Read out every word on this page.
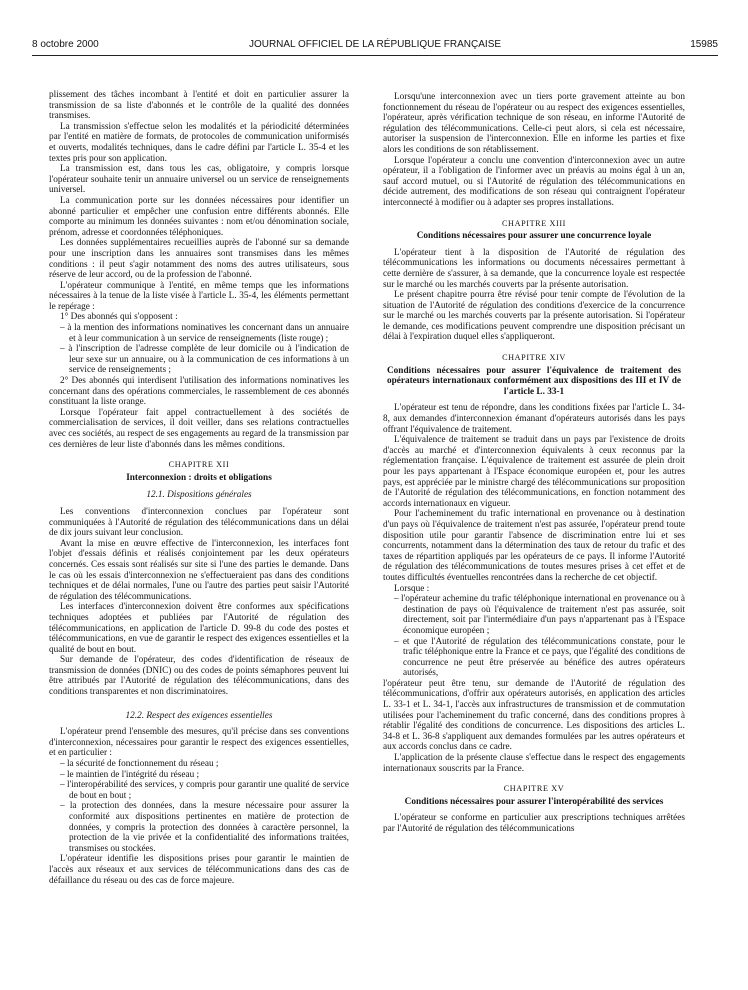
8 octobre 2000	JOURNAL OFFICIEL DE LA RÉPUBLIQUE FRANÇAISE	15985

plissement des tâches incombant à l'entité et doit en particulier assurer la transmission de sa liste d'abonnés et le contrôle de la qualité des données transmises.

La transmission s'effectue selon les modalités et la périodicité déterminées par l'entité en matière de formats, de protocoles de communication uniformisés et ouverts, modalités techniques, dans le cadre défini par l'article L. 35-4 et les textes pris pour son application.

La transmission est, dans tous les cas, obligatoire, y compris lorsque l'opérateur souhaite tenir un annuaire universel ou un service de renseignements universel.

La communication porte sur les données nécessaires pour identifier un abonné particulier et empêcher une confusion entre différents abonnés. Elle comporte au minimum les données suivantes : nom et/ou dénomination sociale, prénom, adresse et coordonnées téléphoniques.

Les données supplémentaires recueillies auprès de l'abonné sur sa demande pour une inscription dans les annuaires sont transmises dans les mêmes conditions : il peut s'agir notamment des noms des autres utilisateurs, sous réserve de leur accord, ou de la profession de l'abonné.

L'opérateur communique à l'entité, en même temps que les informations nécessaires à la tenue de la liste visée à l'article L. 35-4, les éléments permettant le repérage :

1° Des abonnés qui s'opposent :

– à la mention des informations nominatives les concernant dans un annuaire et à leur communication à un service de renseignements (liste rouge) ;

– à l'inscription de l'adresse complète de leur domicile ou à l'indication de leur sexe sur un annuaire, ou à la communication de ces informations à un service de renseignements ;

2° Des abonnés qui interdisent l'utilisation des informations nominatives les concernant dans des opérations commerciales, le rassemblement de ces abonnés constituant la liste orange.

Lorsque l'opérateur fait appel contractuellement à des sociétés de commercialisation de services, il doit veiller, dans ses relations contractuelles avec ces sociétés, au respect de ses engagements au regard de la transmission par ces dernières de leur liste d'abonnés dans les mêmes conditions.

CHAPITRE XII

Interconnexion : droits et obligations

12.1. Dispositions générales

Les conventions d'interconnexion conclues par l'opérateur sont communiquées à l'Autorité de régulation des télécommunications dans un délai de dix jours suivant leur conclusion.

Avant la mise en œuvre effective de l'interconnexion, les interfaces font l'objet d'essais définis et réalisés conjointement par les deux opérateurs concernés. Ces essais sont réalisés sur site si l'une des parties le demande. Dans le cas où les essais d'interconnexion ne s'effectueraient pas dans des conditions techniques et de délai normales, l'une ou l'autre des parties peut saisir l'Autorité de régulation des télécommunications.

Les interfaces d'interconnexion doivent être conformes aux spécifications techniques adoptées et publiées par l'Autorité de régulation des télécommunications, en application de l'article D. 99-8 du code des postes et télécommunications, en vue de garantir le respect des exigences essentielles et la qualité de bout en bout.

Sur demande de l'opérateur, des codes d'identification de réseaux de transmission de données (DNIC) ou des codes de points sémaphores peuvent lui être attribués par l'Autorité de régulation des télécommunications, dans des conditions transparentes et non discriminatoires.

12.2. Respect des exigences essentielles

L'opérateur prend l'ensemble des mesures, qu'il précise dans ses conventions d'interconnexion, nécessaires pour garantir le respect des exigences essentielles, et en particulier :

– la sécurité de fonctionnement du réseau ;

– le maintien de l'intégrité du réseau ;

– l'interopérabilité des services, y compris pour garantir une qualité de service de bout en bout ;

– la protection des données, dans la mesure nécessaire pour assurer la conformité aux dispositions pertinentes en matière de protection de données, y compris la protection des données à caractère personnel, la protection de la vie privée et la confidentialité des informations traitées, transmises ou stockées.

L'opérateur identifie les dispositions prises pour garantir le maintien de l'accès aux réseaux et aux services de télécommunications dans des cas de défaillance du réseau ou des cas de force majeure.

Lorsqu'une interconnexion avec un tiers porte gravement atteinte au bon fonctionnement du réseau de l'opérateur ou au respect des exigences essentielles, l'opérateur, après vérification technique de son réseau, en informe l'Autorité de régulation des télécommunications. Celle-ci peut alors, si cela est nécessaire, autoriser la suspension de l'interconnexion. Elle en informe les parties et fixe alors les conditions de son rétablissement.

Lorsque l'opérateur a conclu une convention d'interconnexion avec un autre opérateur, il a l'obligation de l'informer avec un préavis au moins égal à un an, sauf accord mutuel, ou si l'Autorité de régulation des télécommunications en décide autrement, des modifications de son réseau qui contraignent l'opérateur interconnecté à modifier ou à adapter ses propres installations.

CHAPITRE XIII

Conditions nécessaires pour assurer une concurrence loyale

L'opérateur tient à la disposition de l'Autorité de régulation des télécommunications les informations ou documents nécessaires permettant à cette dernière de s'assurer, à sa demande, que la concurrence loyale est respectée sur le marché ou les marchés couverts par la présente autorisation.

Le présent chapitre pourra être révisé pour tenir compte de l'évolution de la situation de l'Autorité de régulation des conditions d'exercice de la concurrence sur le marché ou les marchés couverts par la présente autorisation. Si l'opérateur le demande, ces modifications peuvent comprendre une disposition précisant un délai à l'expiration duquel elles s'appliqueront.

CHAPITRE XIV

Conditions nécessaires pour assurer l'équivalence de traitement des opérateurs internationaux conformément aux dispositions des III et IV de l'article L. 33-1

L'opérateur est tenu de répondre, dans les conditions fixées par l'article L. 34-8, aux demandes d'interconnexion émanant d'opérateurs autorisés dans les pays offrant l'équivalence de traitement.

L'équivalence de traitement se traduit dans un pays par l'existence de droits d'accès au marché et d'interconnexion équivalents à ceux reconnus par la réglementation française. L'équivalence de traitement est assurée de plein droit pour les pays appartenant à l'Espace économique européen et, pour les autres pays, est appréciée par le ministre chargé des télécommunications sur proposition de l'Autorité de régulation des télécommunications, en fonction notamment des accords internationaux en vigueur.

Pour l'acheminement du trafic international en provenance ou à destination d'un pays où l'équivalence de traitement n'est pas assurée, l'opérateur prend toute disposition utile pour garantir l'absence de discrimination entre lui et ses concurrents, notamment dans la détermination des taux de retour du trafic et des taxes de répartition appliqués par les opérateurs de ce pays. Il informe l'Autorité de régulation des télécommunications de toutes mesures prises à cet effet et de toutes difficultés éventuelles rencontrées dans la recherche de cet objectif.

Lorsque :

– l'opérateur achemine du trafic téléphonique international en provenance ou à destination de pays où l'équivalence de traitement n'est pas assurée, soit directement, soit par l'intermédiaire d'un pays n'appartenant pas à l'Espace économique européen ;

– et que l'Autorité de régulation des télécommunications constate, pour le trafic téléphonique entre la France et ce pays, que l'égalité des conditions de concurrence ne peut être préservée au bénéfice des autres opérateurs autorisés,

l'opérateur peut être tenu, sur demande de l'Autorité de régulation des télécommunications, d'offrir aux opérateurs autorisés, en application des articles L. 33-1 et L. 34-1, l'accès aux infrastructures de transmission et de commutation utilisées pour l'acheminement du trafic concerné, dans des conditions propres à rétablir l'égalité des conditions de concurrence. Les dispositions des articles L. 34-8 et L. 36-8 s'appliquent aux demandes formulées par les autres opérateurs et aux accords conclus dans ce cadre.

L'application de la présente clause s'effectue dans le respect des engagements internationaux souscrits par la France.

CHAPITRE XV

Conditions nécessaires pour assurer l'interopérabilité des services

L'opérateur se conforme en particulier aux prescriptions techniques arrêtées par l'Autorité de régulation des télécommunications
